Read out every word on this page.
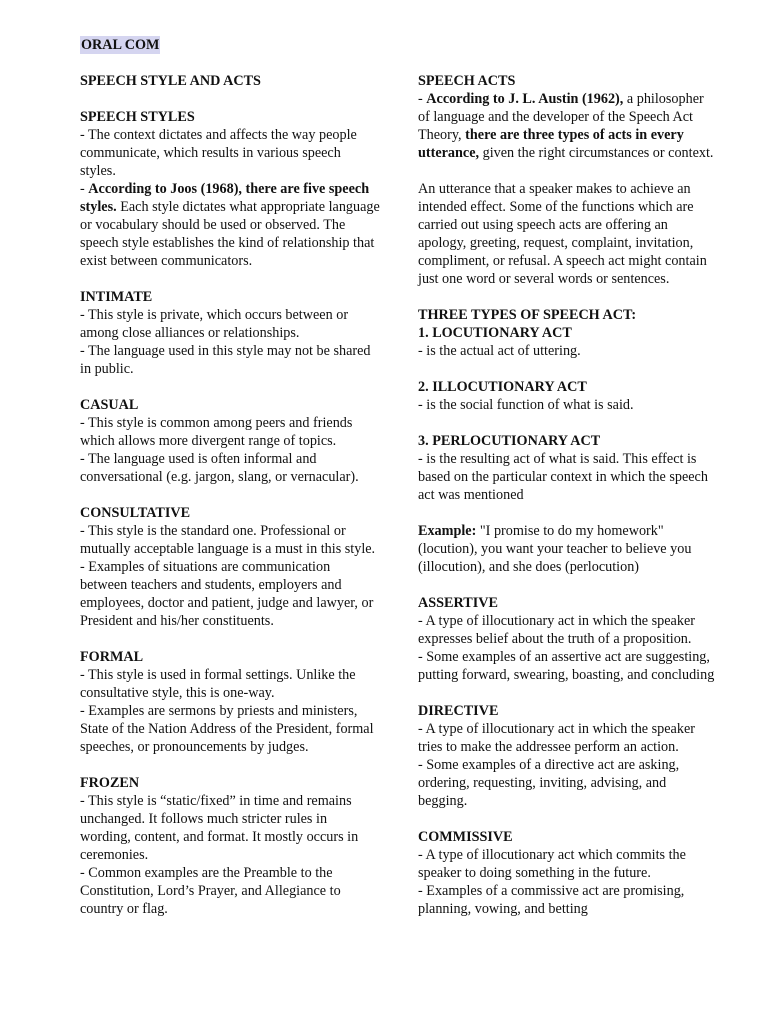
ORAL COM
SPEECH STYLE AND ACTS
SPEECH STYLES
- The context dictates and affects the way people communicate, which results in various speech styles.
- According to Joos (1968), there are five speech styles. Each style dictates what appropriate language or vocabulary should be used or observed. The speech style establishes the kind of relationship that exist between communicators.
INTIMATE
- This style is private, which occurs between or among close alliances or relationships.
- The language used in this style may not be shared in public.
CASUAL
- This style is common among peers and friends which allows more divergent range of topics.
- The language used is often informal and conversational (e.g. jargon, slang, or vernacular).
CONSULTATIVE
- This style is the standard one. Professional or mutually acceptable language is a must in this style.
- Examples of situations are communication between teachers and students, employers and employees, doctor and patient, judge and lawyer, or President and his/her constituents.
FORMAL
- This style is used in formal settings. Unlike the consultative style, this is one-way.
- Examples are sermons by priests and ministers, State of the Nation Address of the President, formal speeches, or pronouncements by judges.
FROZEN
- This style is “static/fixed” in time and remains unchanged. It follows much stricter rules in wording, content, and format. It mostly occurs in ceremonies.
- Common examples are the Preamble to the Constitution, Lord’s Prayer, and Allegiance to country or flag.
SPEECH ACTS
- According to J. L. Austin (1962), a philosopher of language and the developer of the Speech Act Theory, there are three types of acts in every utterance, given the right circumstances or context.
An utterance that a speaker makes to achieve an intended effect. Some of the functions which are carried out using speech acts are offering an apology, greeting, request, complaint, invitation, compliment, or refusal. A speech act might contain just one word or several words or sentences.
THREE TYPES OF SPEECH ACT:
1. LOCUTIONARY ACT
- is the actual act of uttering.
2. ILLOCUTIONARY ACT
- is the social function of what is said.
3. PERLOCUTIONARY ACT
- is the resulting act of what is said. This effect is based on the particular context in which the speech act was mentioned
Example: "I promise to do my homework" (locution), you want your teacher to believe you (illocution), and she does (perlocution)
ASSERTIVE
- A type of illocutionary act in which the speaker expresses belief about the truth of a proposition.
- Some examples of an assertive act are suggesting, putting forward, swearing, boasting, and concluding
DIRECTIVE
- A type of illocutionary act in which the speaker tries to make the addressee perform an action.
- Some examples of a directive act are asking, ordering, requesting, inviting, advising, and begging.
COMMISSIVE
- A type of illocutionary act which commits the speaker to doing something in the future.
- Examples of a commissive act are promising, planning, vowing, and betting
